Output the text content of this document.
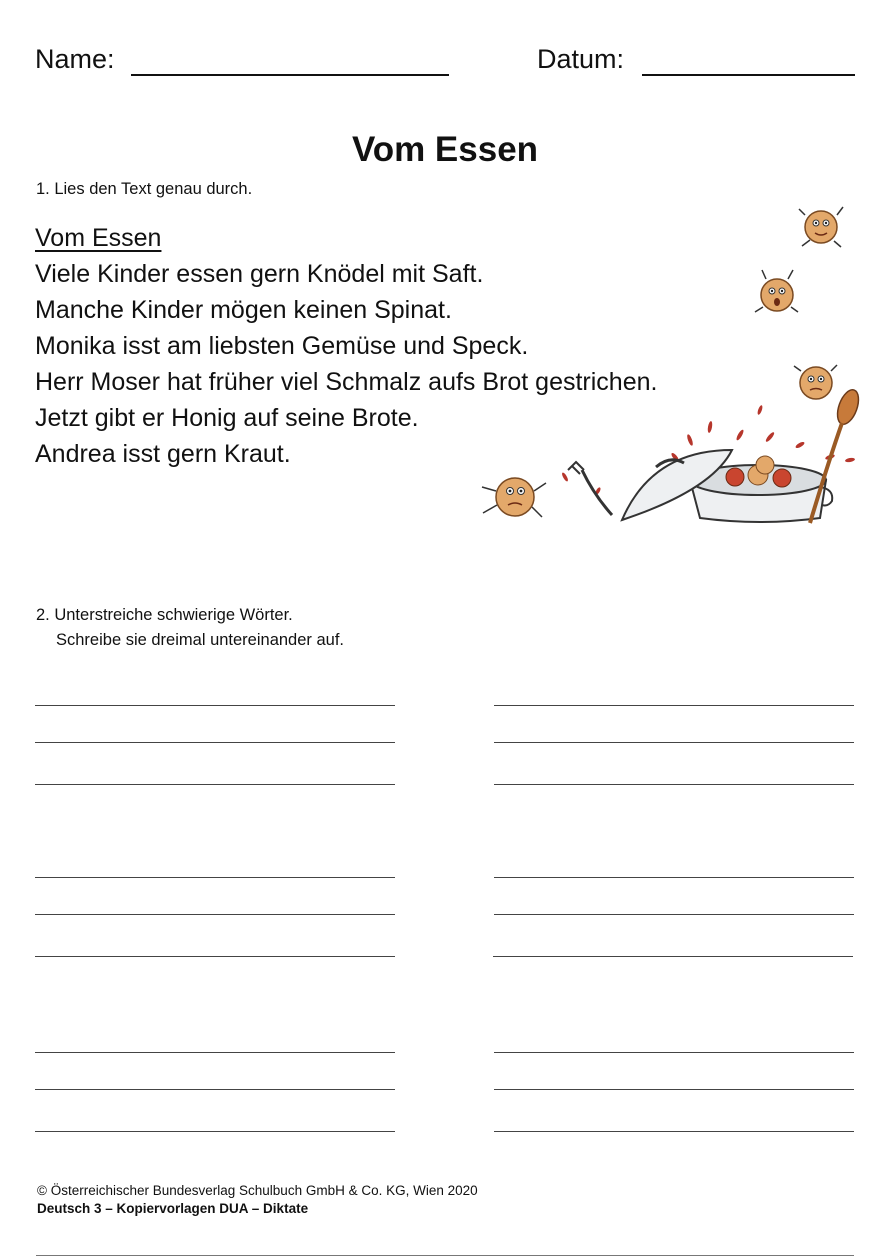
Name:	Datum:
Vom Essen
1. Lies den Text genau durch.
Vom Essen
Viele Kinder essen gern Knödel mit Saft.
Manche Kinder mögen keinen Spinat.
Monika isst am liebsten Gemüse und Speck.
Herr Moser hat früher viel Schmalz aufs Brot gestrichen.
Jetzt gibt er Honig auf seine Brote.
Andrea isst gern Kraut.
2. Unterstreiche schwierige Wörter.
Schreibe sie dreimal untereinander auf.
© Österreichischer Bundesverlag Schulbuch GmbH & Co. KG, Wien 2020
Deutsch 3 – Kopiervorlagen DUA – Diktate
